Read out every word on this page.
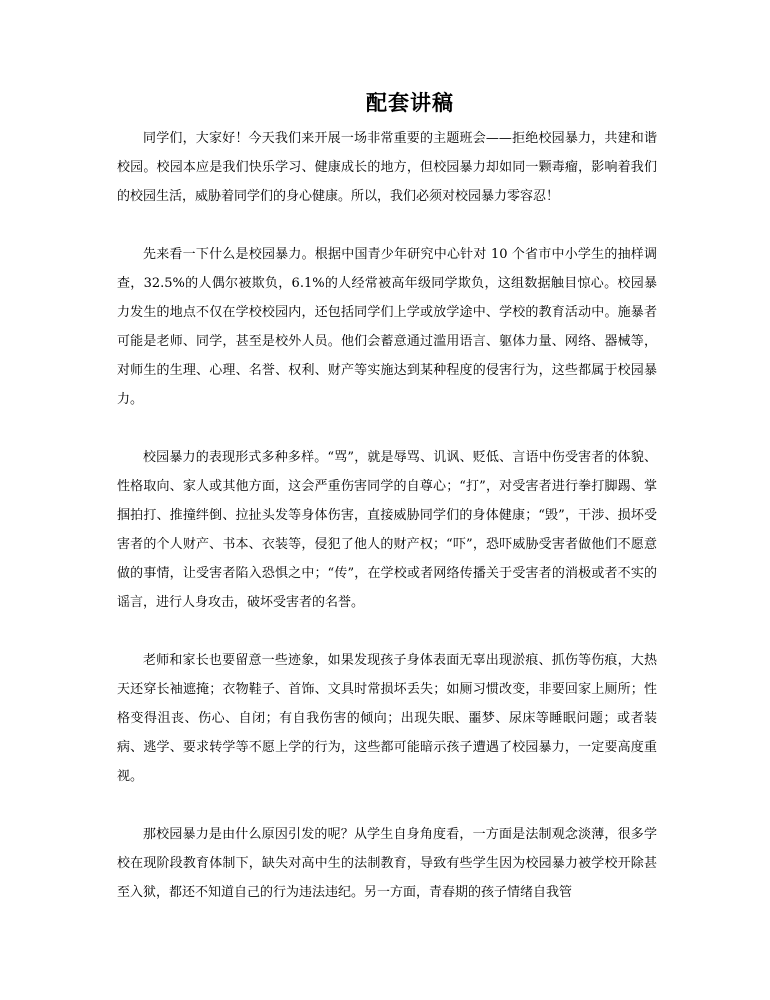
配套讲稿

同学们，大家好！今天我们来开展一场非常重要的主题班会——拒绝校园暴力，共建和谐校园。校园本应是我们快乐学习、健康成长的地方，但校园暴力却如同一颗毒瘤，影响着我们的校园生活，威胁着同学们的身心健康。所以，我们必须对校园暴力零容忍！

先来看一下什么是校园暴力。根据中国青少年研究中心针对 10 个省市中小学生的抽样调查，32.5%的人偶尔被欺负，6.1%的人经常被高年级同学欺负，这组数据触目惊心。校园暴力发生的地点不仅在学校校园内，还包括同学们上学或放学途中、学校的教育活动中。施暴者可能是老师、同学，甚至是校外人员。他们会蓄意通过滥用语言、躯体力量、网络、器械等，对师生的生理、心理、名誉、权利、财产等实施达到某种程度的侵害行为，这些都属于校园暴力。

校园暴力的表现形式多种多样。“骂”，就是辱骂、讥讽、贬低、言语中伤受害者的体貌、性格取向、家人或其他方面，这会严重伤害同学的自尊心；“打”，对受害者进行拳打脚踢、掌掴拍打、推撞绊倒、拉扯头发等身体伤害，直接威胁同学们的身体健康；“毁”，干涉、损坏受害者的个人财产、书本、衣装等，侵犯了他人的财产权；“吓”，恐吓威胁受害者做他们不愿意做的事情，让受害者陷入恐惧之中；“传”，在学校或者网络传播关于受害者的消极或者不实的谣言，进行人身攻击，破坏受害者的名誉。

老师和家长也要留意一些迹象，如果发现孩子身体表面无辜出现淤痕、抓伤等伤痕，大热天还穿长袖遮掩；衣物鞋子、首饰、文具时常损坏丢失；如厕习惯改变，非要回家上厕所；性格变得沮丧、伤心、自闭；有自我伤害的倾向；出现失眠、噩梦、尿床等睡眠问题；或者装病、逃学、要求转学等不愿上学的行为，这些都可能暗示孩子遭遇了校园暴力，一定要高度重视。

那校园暴力是由什么原因引发的呢？从学生自身角度看，一方面是法制观念淡薄，很多学校在现阶段教育体制下，缺失对高中生的法制教育，导致有些学生因为校园暴力被学校开除甚至入狱，都还不知道自己的行为违法违纪。另一方面，青春期的孩子情绪自我管
